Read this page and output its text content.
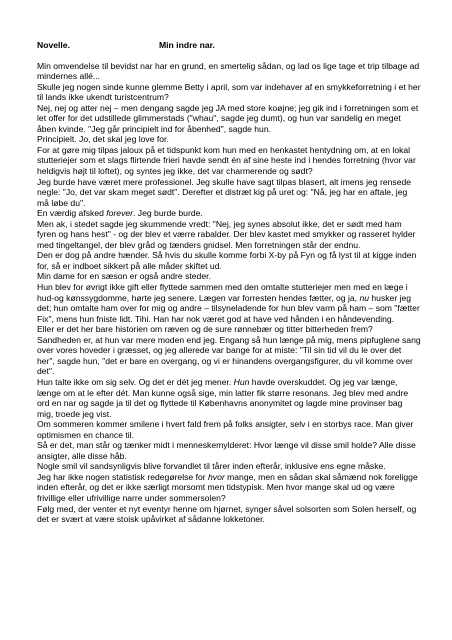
Novelle.	Min indre nar.

Min omvendelse til bevidst nar har en grund, en smertelig sådan, og lad os lige tage et trip tilbage ad mindernes allé...

Skulle jeg nogen sinde kunne glemme Betty i april, som var indehaver af en smykkeforretning i et her til lands ikke ukendt turistcentrum?

Nej, nej og atter nej – men dengang sagde jeg JA med store koøjne; jeg gik ind i forretningen som et let offer for det udstillede glimmerstads ("whau", sagde jeg dumt), og hun var sandelig en meget åben kvinde. "Jeg går principielt ind for åbenhed", sagde hun.

Principielt. Jo, det skal jeg love for.

For at gøre mig tilpas jaloux på et tidspunkt kom hun med en henkastet hentydning om, at en lokal stutteriejer som et slags flirtende frieri havde sendt én af sine heste ind i hendes forretning (hvor var heldigvis højt til loftet), og syntes jeg ikke, det var charmerende og sødt?

Jeg burde have været mere professionel. Jeg skulle have sagt tilpas blasert, alt imens jeg rensede negle: "Jo, det var skam meget sødt". Derefter et distræt kig på uret og: "Nå, jeg har en aftale, jeg må løbe du".

En værdig afsked forever. Jeg burde burde.

Men ak, i stedet sagde jeg skummende vredt: "Nej, jeg synes absolut ikke, det er sødt med ham fyren og hans hest" - og der blev et værre rabalder. Der blev kastet med smykker og rasseret hylder med tingeltangel, der blev gråd og tænders gnidsel. Men forretningen står der endnu.

Den er dog på andre hænder. Så hvis du skulle komme forbi X-by på Fyn og få lyst til at kigge inden for, så er indboet sikkert på alle måder skiftet ud.

Min dame for en sæson er også andre steder.

Hun blev for øvrigt ikke gift eller flyttede sammen med den omtalte stutteriejer men med en læge i hud-og kønssygdomme, hørte jeg senere. Lægen var forresten hendes fætter, og ja, nu husker jeg det; hun omtalte ham over for mig og andre – tilsyneladende for hun blev varm på ham – som "fætter Fix", mens hun fniste lidt. Tihi. Han har nok været god at have ved hånden i en håndevending.

Eller er det her bare historien om ræven og de sure rønnebær og titter bitterheden frem?

Sandheden er, at hun var mere moden end jeg. Engang så hun længe på mig, mens pipfuglene sang over vores hoveder i græsset, og jeg allerede var bange for at miste: "Til sin tid vil du le over det her", sagde hun, "det er bare en overgang, og vi er hinandens overgangsfigurer, du vil komme over det".

Hun talte ikke om sig selv. Og det er dét jeg mener. Hun havde overskuddet. Og jeg var længe, længe om at le efter dét. Man kunne også sige, min latter fik større resonans. Jeg blev med andre ord en nar og sagde ja til det og flyttede til Københavns anonymitet og lagde mine provinser bag mig, troede jeg vist.

Om sommeren kommer smilene i hvert fald frem på folks ansigter, selv i en storbys race. Man giver optimismen en chance til.

Så er det, man står og tænker midt i menneskemylderet: Hvor længe vil disse smil holde? Alle disse ansigter, alle disse håb.

Nogle smil vil sandsynligvis blive forvandlet til tårer inden efterår, inklusive ens egne måske.

Jeg har ikke nogen statistisk redegørelse for hvor mange, men en sådan skal såmænd nok foreligge inden efterår, og det er ikke særligt morsomt men tidstypisk. Men hvor mange skal ud og være frivillige eller ufrivillige narre under sommersolen?

Følg med, der venter et nyt eventyr henne om hjørnet, synger såvel solsorten som Solen herself, og det er svært at være stoisk upåvirket af sådanne lokketoner.
